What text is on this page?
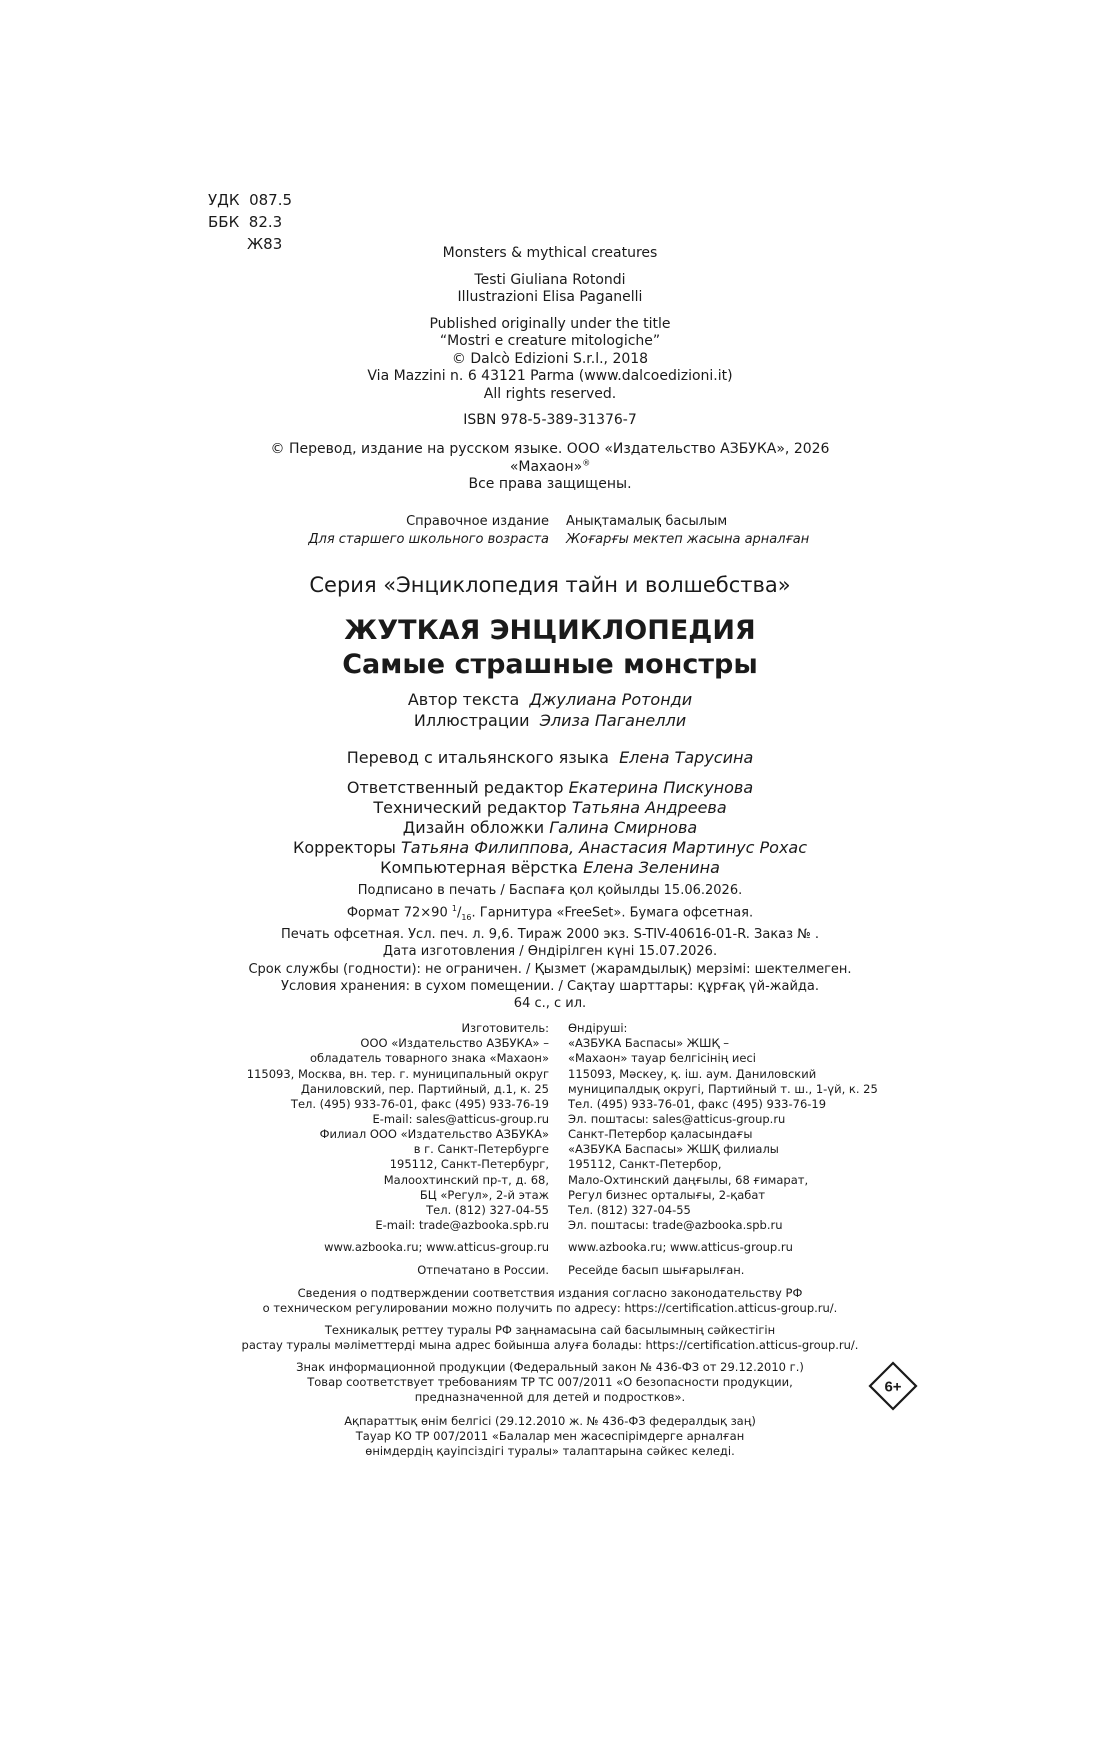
УДК 087.5
ББК 82.3
Ж83	Monsters & mythical creatures
Testi Giuliana Rotondi
Illustrazioni Elisa Paganelli
Published originally under the title
“Mostri e creature mitologiche”
© Dalcò Edizioni S.r.l., 2018
Via Mazzini n. 6 43121 Parma (www.dalcoedizioni.it)
All rights reserved.
ISBN 978-5-389-31376-7
© Перевод, издание на русском языке. ООО «Издательство АЗБУКА», 2026
«Махаон»®
Все права защищены.
Справочное издание Анықтамалық басылым
Для старшего школьного возраста Жоғарғы мектеп жасына арналған
Серия «Энциклопедия тайн и волшебства»
ЖУТКАЯ ЭНЦИКЛОПЕДИЯ
Самые страшные монстры
Автор текста Джулиана Ротонди
Иллюстрации Элиза Паганелли
Перевод с итальянского языка Елена Тарусина
Ответственный редактор Екатерина Пискунова
Технический редактор Татьяна Андреева
Дизайн обложки Галина Смирнова
Корректоры Татьяна Филиппова, Анастасия Мартинус Рохас
Компьютерная вёрстка Елена Зеленина
Подписано в печать / Баспаға қол қойылды 15.06.2026.
Формат 72×90 $^1/_{16}$. Гарнитура «FreeSet». Бумага офсетная.
Печать офсетная. Усл. печ. л. 9,6. Тираж 2000 экз. S-TIV-40616-01-R. Заказ № .
Дата изготовления / Өндірілген күні 15.07.2026.
Срок службы (годности): не ограничен. / Қызмет (жарамдылық) мерзімі: шектелмеген.
Условия хранения: в сухом помещении. / Сақтау шарттары: құрғақ үй-жайда.
64 с., с ил.
Изготовитель:
ООО «Издательство АЗБУКА» –
обладатель товарного знака «Махаон»
115093, Москва, вн. тер. г. муниципальный округ
Даниловский, пер. Партийный, д.1, к. 25
Тел. (495) 933-76-01, факс (495) 933-76-19
E-mail: sales@atticus-group.ru
Өндіруші:
«АЗБУКА Баспасы» ЖШҚ –
«Махаон» тауар белгісінің иесі
115093, Мәскеу, қ. іш. аум. Даниловский
муниципалдық округі, Партийный т. ш., 1-үй, к. 25
Тел. (495) 933-76-01, факс (495) 933-76-19
Эл. поштасы: sales@atticus-group.ru
Филиал ООО «Издательство АЗБУКА»
в г. Санкт-Петербурге
195112, Санкт-Петербург,
Малоохтинский пр-т, д. 68,
БЦ «Регул», 2-й этаж
Тел. (812) 327-04-55
E-mail: trade@azbooka.spb.ru
Санкт-Петербор қаласындағы
«АЗБУКА Баспасы» ЖШҚ филиалы
195112, Санкт-Петербор,
Мало-Охтинский даңғылы, 68 ғимарат,
Регул бизнес орталығы, 2-қабат
Тел. (812) 327-04-55
Эл. поштасы: trade@azbooka.spb.ru
www.azbooka.ru; www.atticus-group.ru www.azbooka.ru; www.atticus-group.ru
Отпечатано в России. Ресейде басып шығарылған.
Сведения о подтверждении соответствия издания согласно законодательству РФ
о техническом регулировании можно получить по адресу: https://certification.atticus-group.ru/.
Техникалық реттеу туралы РФ заңнамасына сай басылымның сәйкестігін
растау туралы мәліметтерді мына адрес бойынша алуға болады: https://certification.atticus-group.ru/.
Знак информационной продукции (Федеральный закон № 436-ФЗ от 29.12.2010 г.)
Товар соответствует требованиям ТР ТС 007/2011 «О безопасности продукции,
предназначенной для детей и подростков».
Ақпараттық өнім белгісі (29.12.2010 ж. № 436-ФЗ федералдық заң)
Тауар КО ТР 007/2011 «Балалар мен жасөспірімдерге арналған
өнімдердің қауіпсіздігі туралы» талаптарына сәйкес келеді.
6+
